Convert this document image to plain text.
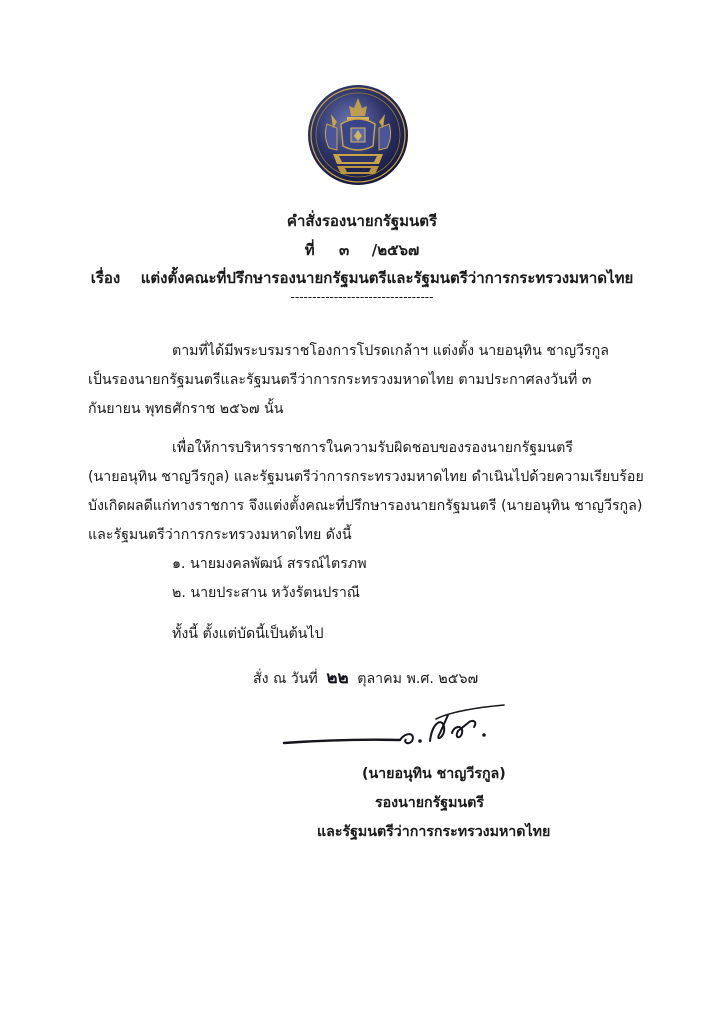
คำสั่งรองนายกรัฐมนตรี
ที่ ๓ /๒๕๖๗
เรื่อง แต่งตั้งคณะที่ปรึกษารองนายกรัฐมนตรีและรัฐมนตรีว่าการกระทรวงมหาดไทย
---------------------------------
ตามที่ได้มีพระบรมราชโองการโปรดเกล้าฯ แต่งตั้ง นายอนุทิน ชาญวีรกูล
เป็นรองนายกรัฐมนตรีและรัฐมนตรีว่าการกระทรวงมหาดไทย ตามประกาศลงวันที่ ๓
กันยายน พุทธศักราช ๒๕๖๗ นั้น
เพื่อให้การบริหารราชการในความรับผิดชอบของรองนายกรัฐมนตรี
(นายอนุทิน ชาญวีรกูล) และรัฐมนตรีว่าการกระทรวงมหาดไทย ดำเนินไปด้วยความเรียบร้อย
บังเกิดผลดีแก่ทางราชการ จึงแต่งตั้งคณะที่ปรึกษารองนายกรัฐมนตรี (นายอนุทิน ชาญวีรกูล)
และรัฐมนตรีว่าการกระทรวงมหาดไทย ดังนี้
๑. นายมงคลพัฒน์ สรรณ์ไตรภพ
๒. นายประสาน หวังรัตนปราณี
ทั้งนี้ ตั้งแต่บัดนี้เป็นต้นไป
สั่ง ณ วันที่ ๒๒ ตุลาคม พ.ศ. ๒๕๖๗
(นายอนุทิน ชาญวีรกูล)
รองนายกรัฐมนตรี
และรัฐมนตรีว่าการกระทรวงมหาดไทย
